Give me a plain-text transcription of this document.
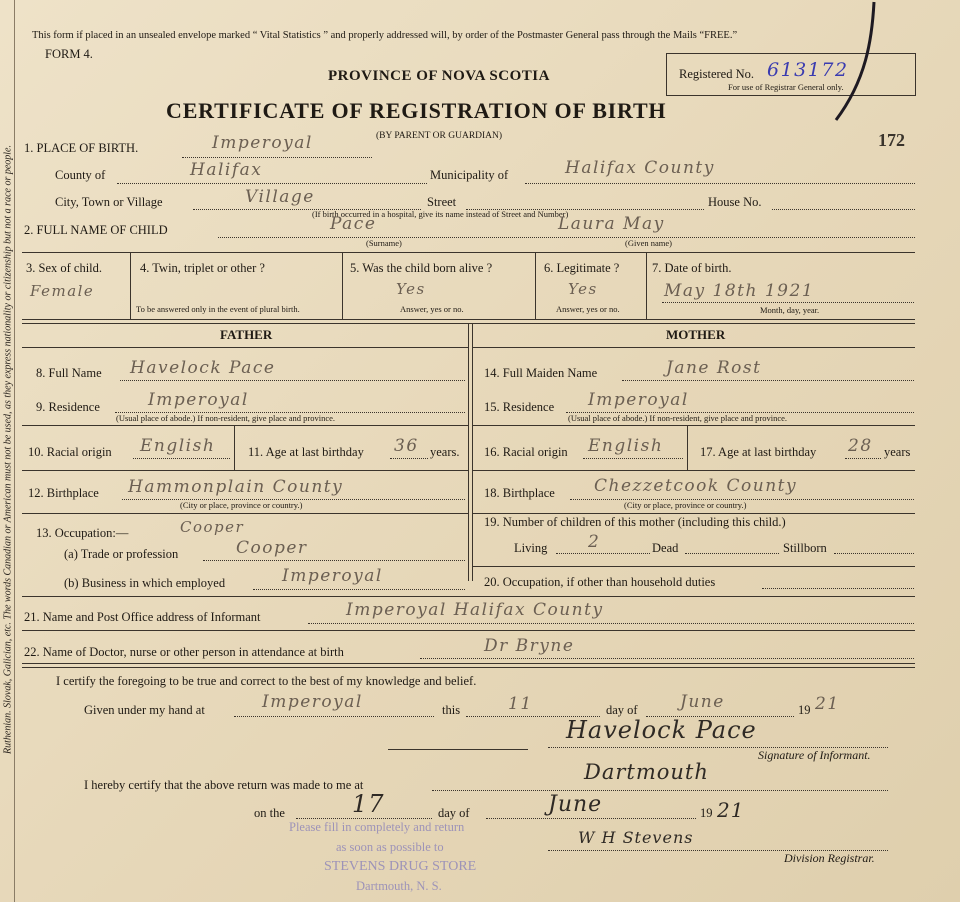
Ruthenian. Slovak, Galician, etc. The words Canadian or American must not be used, as they express nationality or citizenship but not a race or people.
This form if placed in an unsealed envelope marked “ Vital Statistics ” and properly addressed will, by order of the Postmaster General pass through the Mails “FREE.”
FORM 4.
PROVINCE OF NOVA SCOTIA
CERTIFICATE OF REGISTRATION OF BIRTH
(BY PARENT OR GUARDIAN)
Registered No. 613172
For use of Registrar General only.
172
1. PLACE OF BIRTH.	Imperoyal
County of	Halifax	Municipality of	Halifax County
City, Town or Village	Village	Street	House No.
(If birth occurred in a hospital, give its name instead of Street and Number)
2. FULL NAME OF CHILD	Pace	Laura May
(Surname)	(Given name)
3. Sex of child.
Female
4. Twin, triplet or other ?
To be answered only in the event of plural birth.
5. Was the child born alive ?
Yes
Answer, yes or no.
6. Legitimate ?
Yes
Answer, yes or no.
7. Date of birth.
May 18th 1921
Month, day, year.
FATHER
8. Full Name Havelock Pace
9. Residence	Imperoyal
(Usual place of abode.) If non-resident, give place and province.
10. Racial origin English	11. Age at last birthday 36 years.
12. Birthplace Hammonplain County
(City or place, province or country.)
13. Occupation:—	Cooper
(a) Trade or profession	Cooper
(b) Business in which employed	Imperoyal
MOTHER
14. Full Maiden Name	Jane Rost
15. Residence Imperoyal
(Usual place of abode.) If non-resident, give place and province.
16. Racial origin English	17. Age at last birthday 28 years
18. Birthplace Chezzetcook County
(City or place, province or country.)
19. Number of children of this mother (including this child.)
Living 2	Dead	Stillborn
20. Occupation, if other than household duties
21. Name and Post Office address of Informant	Imperoyal Halifax County
22. Name of Doctor, nurse or other person in attendance at birth	Dr Bryne
I certify the foregoing to be true and correct to the best of my knowledge and belief.
Given under my hand at	Imperoyal	this	11	day of June	19 21
Havelock Pace
Signature of Informant.
I hereby certify that the above return was made to me at
Dartmouth
on the	17	day of	June	19 21
W H Stevens
Division Registrar.
Please fill in completely and return
as soon as possible to
STEVENS DRUG STORE
Dartmouth, N. S.
